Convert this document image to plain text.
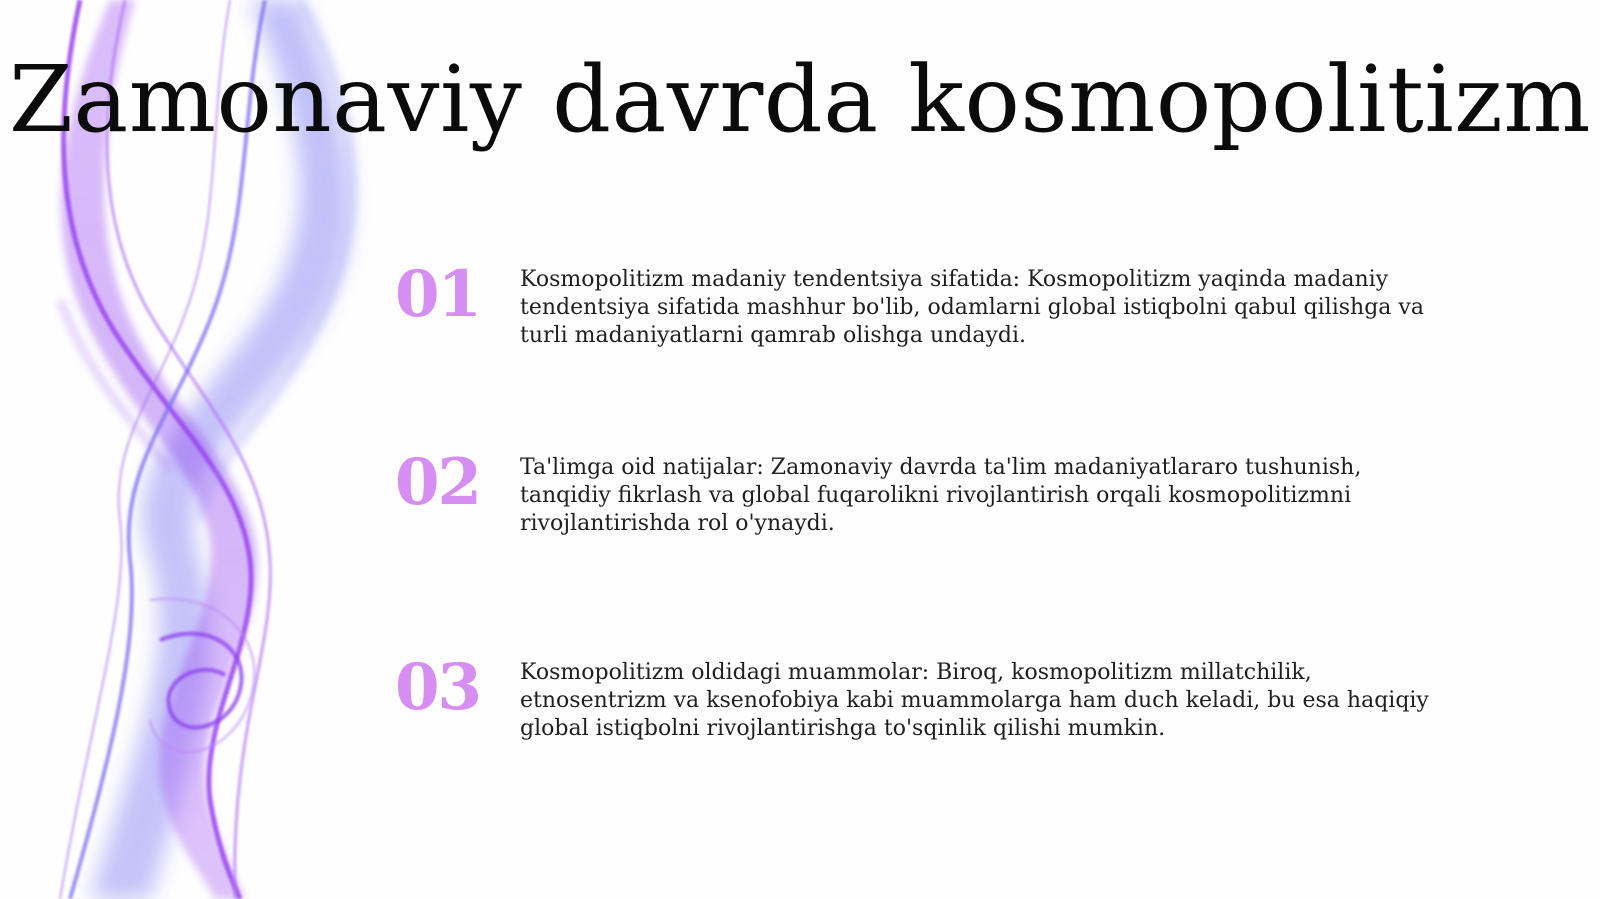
Zamonaviy davrda kosmopolitizm
01	Kosmopolitizm madaniy tendentsiya sifatida: Kosmopolitizm yaqinda madaniy tendentsiya sifatida mashhur bo'lib, odamlarni global istiqbolni qabul qilishga va turli madaniyatlarni qamrab olishga undaydi.
02	Ta'limga oid natijalar: Zamonaviy davrda ta'lim madaniyatlararo tushunish, tanqidiy fikrlash va global fuqarolikni rivojlantirish orqali kosmopolitizmni rivojlantirishda rol o'ynaydi.
03	Kosmopolitizm oldidagi muammolar: Biroq, kosmopolitizm millatchilik, etnosentrizm va ksenofobiya kabi muammolarga ham duch keladi, bu esa haqiqiy global istiqbolni rivojlantirishga to'sqinlik qilishi mumkin.
